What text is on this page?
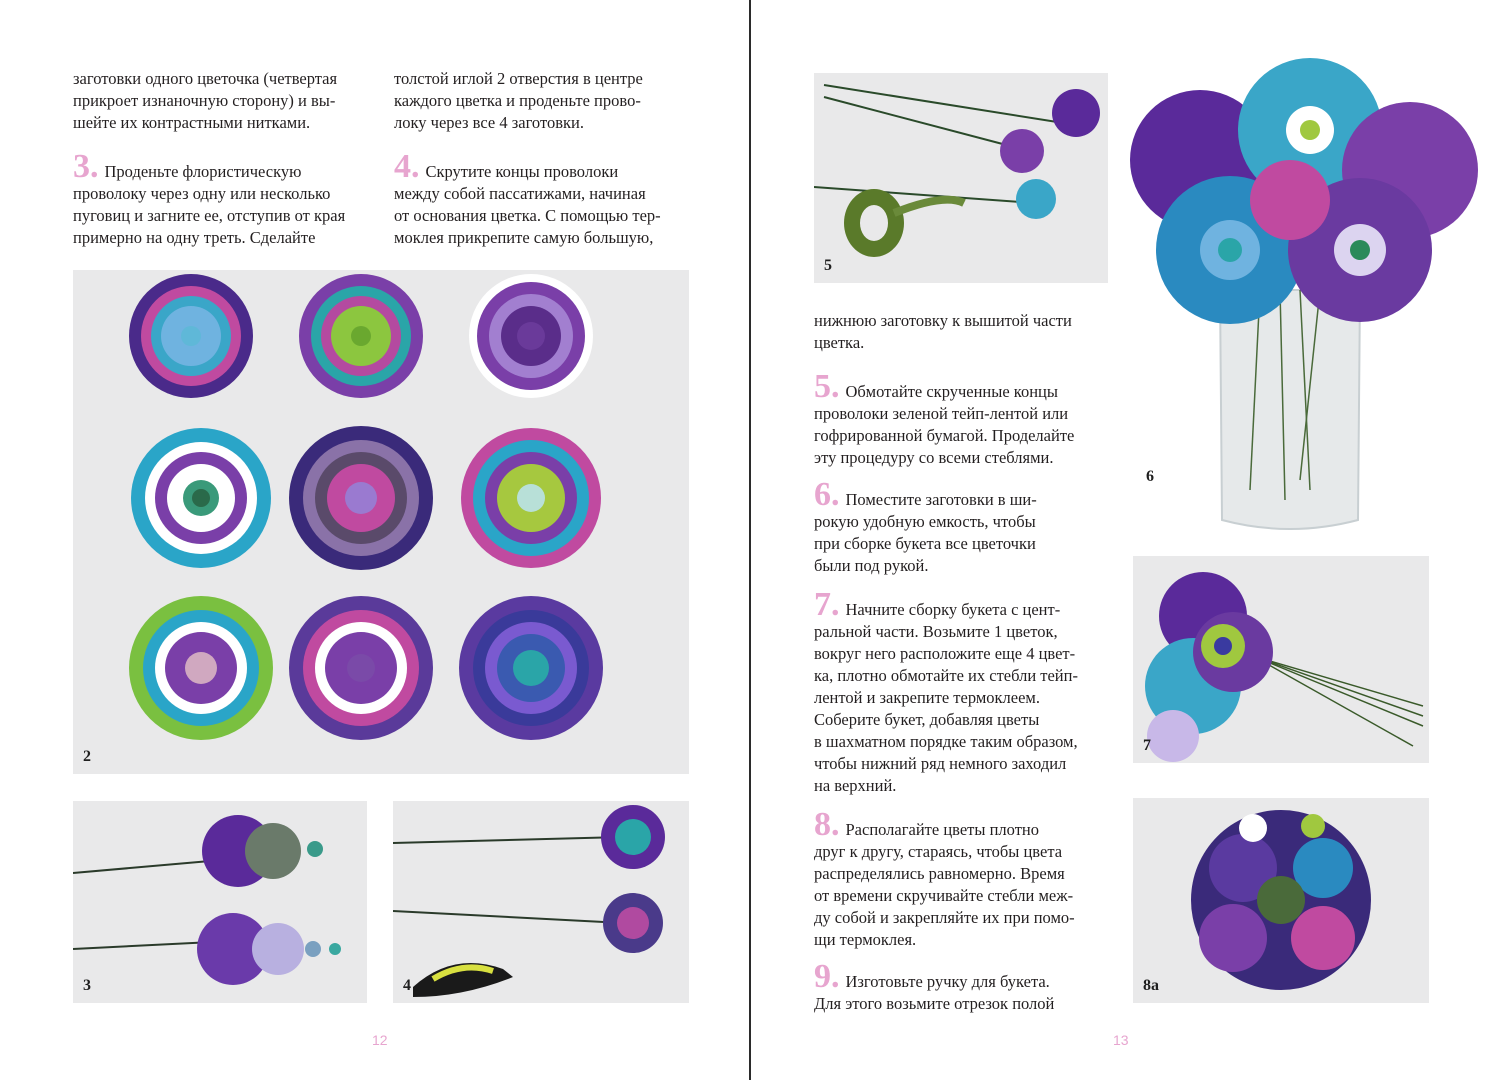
заготовки одного цветочка (четвертая
прикроет изнаночную сторону) и вы-
шейте их контрастными нитками.

толстой иглой 2 отверстия в центре
каждого цветка и проденьте прово-
локу через все 4 заготовки.

3. Проденьте флористическую
проволоку через одну или несколько
пуговиц и загните ее, отступив от края
примерно на одну треть. Сделайте

4. Скрутите концы проволоки
между собой пассатижами, начиная
от основания цветка. С помощью тер-
моклея прикрепите самую большую,

2
3	4
12
5
6

нижнюю заготовку к вышитой части
цветка.

5. Обмотайте скрученные концы
проволоки зеленой тейп-лентой или
гофрированной бумагой. Проделайте
эту процедуру со всеми стеблями.

6. Поместите заготовки в ши-
рокую удобную емкость, чтобы
при сборке букета все цветочки
были под рукой.

7. Начните сборку букета с цент-
ральной части. Возьмите 1 цветок,
вокруг него расположите еще 4 цвет-
ка, плотно обмотайте их стебли тейп-
лентой и закрепите термоклеем.
Соберите букет, добавляя цветы
в шахматном порядке таким образом,
чтобы нижний ряд немного заходил
на верхний.

8. Располагайте цветы плотно
друг к другу, стараясь, чтобы цвета
распределялись равномерно. Время
от времени скручивайте стебли меж-
ду собой и закрепляйте их при помо-
щи термоклея.

9. Изготовьте ручку для букета.
Для этого возьмите отрезок полой

7
8a
13
